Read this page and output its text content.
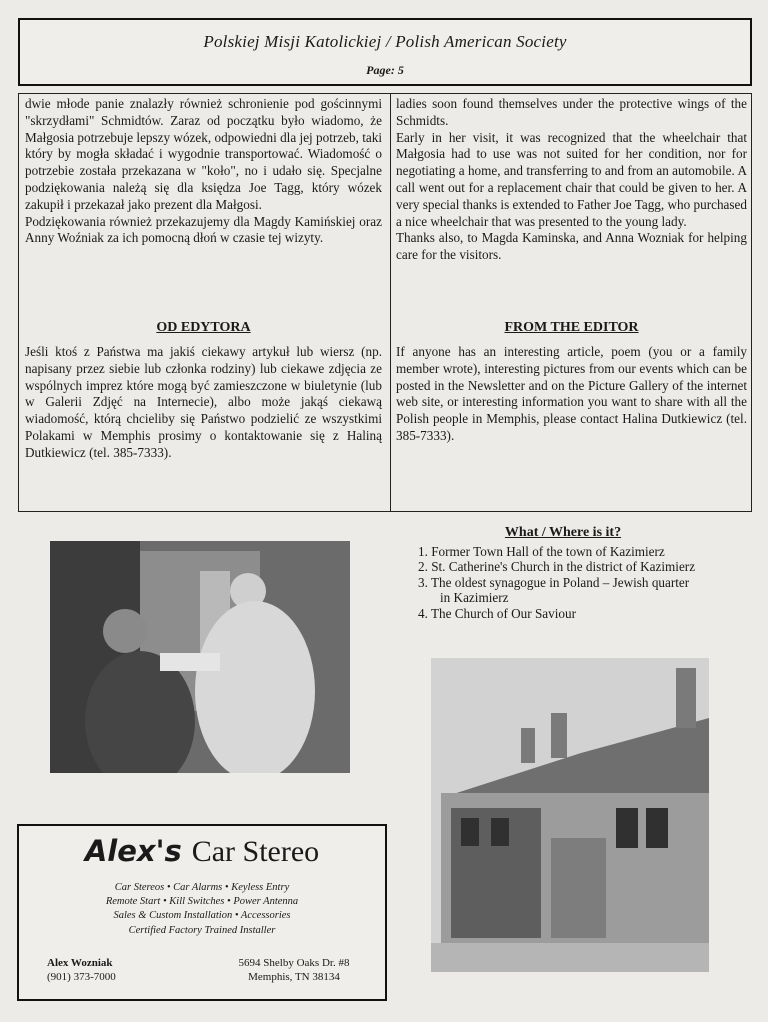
Polskiej Misji Katolickiej / Polish American Society
Page: 5

dwie młode panie znalazły również schronienie pod gościnnymi "skrzydłami" Schmidtów. Zaraz od początku było wiadomo, że Małgosia potrzebuje lepszy wózek, odpowiedni dla jej potrzeb, taki który by mogła składać i wygodnie transportować. Wiadomość o potrzebie została przekazana w "koło", no i udało się. Specjalne podziękowania należą się dla księdza Joe Tagg, który wózek zakupił i przekazał jako prezent dla Małgosi.

Podziękowania również przekazujemy dla Magdy Kamińskiej oraz Anny Woźniak za ich pomocną dłoń w czasie tej wizyty.

ladies soon found themselves under the protective wings of the Schmidts.

Early in her visit, it was recognized that the wheelchair that Małgosia had to use was not suited for her condition, nor for negotiating a home, and transferring to and from an automobile. A call went out for a replacement chair that could be given to her. A very special thanks is extended to Father Joe Tagg, who purchased a nice wheelchair that was presented to the young lady.

Thanks also, to Magda Kaminska, and Anna Wozniak for helping care for the visitors.

OD EDYTORA	FROM THE EDITOR

Jeśli ktoś z Państwa ma jakiś ciekawy artykuł lub wiersz (np. napisany przez siebie lub członka rodziny) lub ciekawe zdjęcia ze wspólnych imprez które mogą być zamieszczone w biuletynie (lub w Galerii Zdjęć na Internecie), albo może jakąś ciekawą wiadomość, którą chcieliby się Państwo podzielić ze wszystkimi Polakami w Memphis prosimy o kontaktowanie się z Haliną Dutkiewicz (tel. 385-7333).

If anyone has an interesting article, poem (you or a family member wrote), interesting pictures from our events which can be posted in the Newsletter and on the Picture Gallery of the internet web site, or interesting information you want to share with all the Polish people in Memphis, please contact Halina Dutkiewicz (tel. 385-7333).

What / Where is it?
1. Former Town Hall of the town of Kazimierz
2. St. Catherine's Church in the district of Kazimierz
3. The oldest synagogue in Poland – Jewish quarter
in Kazimierz
4. The Church of Our Saviour
Alex's Car Stereo
Car Stereos • Car Alarms • Keyless Entry
Remote Start • Kill Switches • Power Antenna
Sales & Custom Installation • Accessories
Certified Factory Trained Installer
Alex Wozniak
(901) 373-7000
5694 Shelby Oaks Dr. #8
Memphis, TN 38134
